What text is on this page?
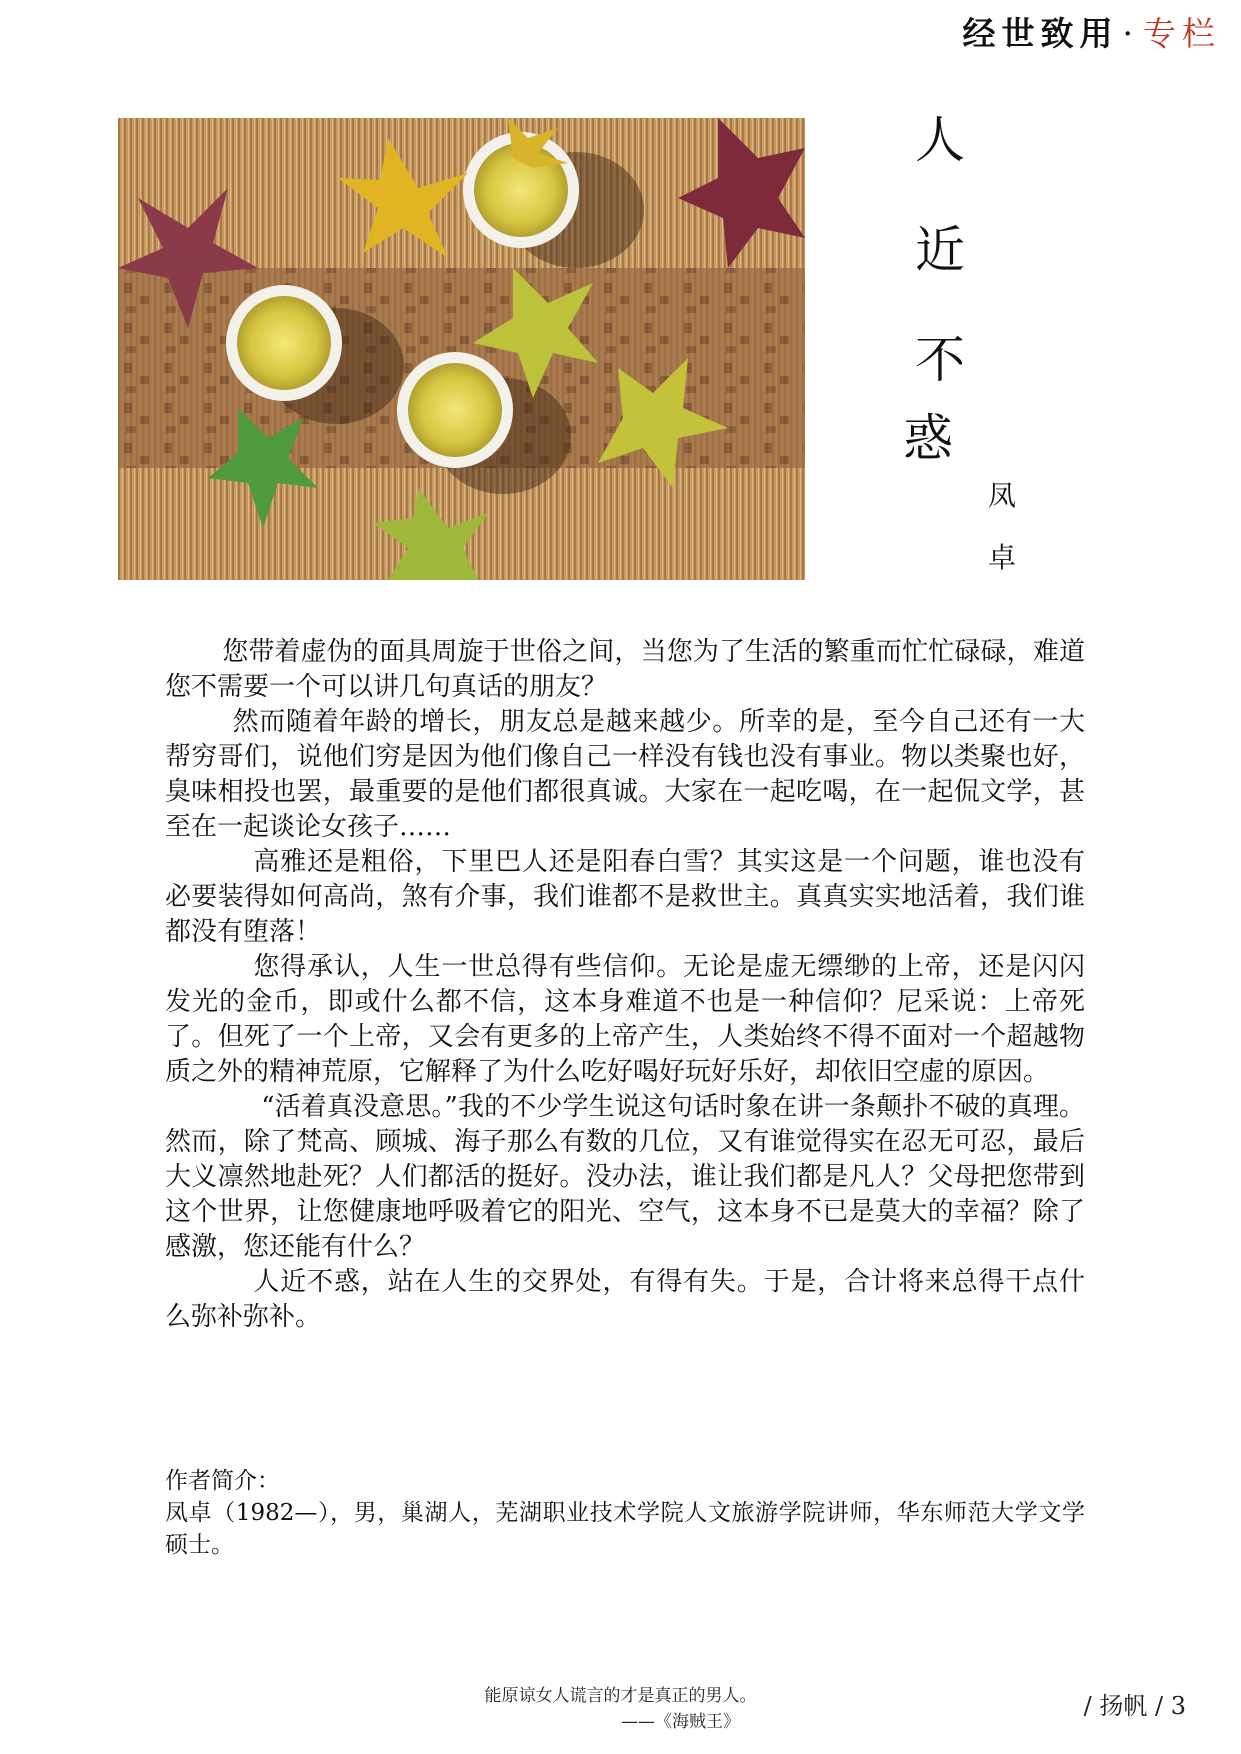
经世致用 · 专栏
人
近
不
惑
凤
卓

您带着虚伪的面具周旋于世俗之间，当您为了生活的繁重而忙忙碌碌，难道您不需要一个可以讲几句真话的朋友？

然而随着年龄的增长，朋友总是越来越少。所幸的是，至今自己还有一大帮穷哥们，说他们穷是因为他们像自己一样没有钱也没有事业。物以类聚也好，臭味相投也罢，最重要的是他们都很真诚。大家在一起吃喝，在一起侃文学，甚至在一起谈论女孩子……

高雅还是粗俗，下里巴人还是阳春白雪？其实这是一个问题，谁也没有必要装得如何高尚，煞有介事，我们谁都不是救世主。真真实实地活着，我们谁都没有堕落！

您得承认，人生一世总得有些信仰。无论是虚无缥缈的上帝，还是闪闪发光的金币，即或什么都不信，这本身难道不也是一种信仰？尼采说：上帝死了。但死了一个上帝，又会有更多的上帝产生，人类始终不得不面对一个超越物质之外的精神荒原，它解释了为什么吃好喝好玩好乐好，却依旧空虚的原因。

“活着真没意思。”我的不少学生说这句话时象在讲一条颠扑不破的真理。然而，除了梵高、顾城、海子那么有数的几位，又有谁觉得实在忍无可忍，最后大义凛然地赴死？人们都活的挺好。没办法，谁让我们都是凡人？父母把您带到这个世界，让您健康地呼吸着它的阳光、空气，这本身不已是莫大的幸福？除了感激，您还能有什么？

人近不惑，站在人生的交界处，有得有失。于是，合计将来总得干点什么弥补弥补。

作者简介：
凤卓（1982—），男，巢湖人，芜湖职业技术学院人文旅游学院讲师，华东师范大学文学硕士。
能原谅女人谎言的才是真正的男人。
——《海贼王》
/ 扬帆 / 3
